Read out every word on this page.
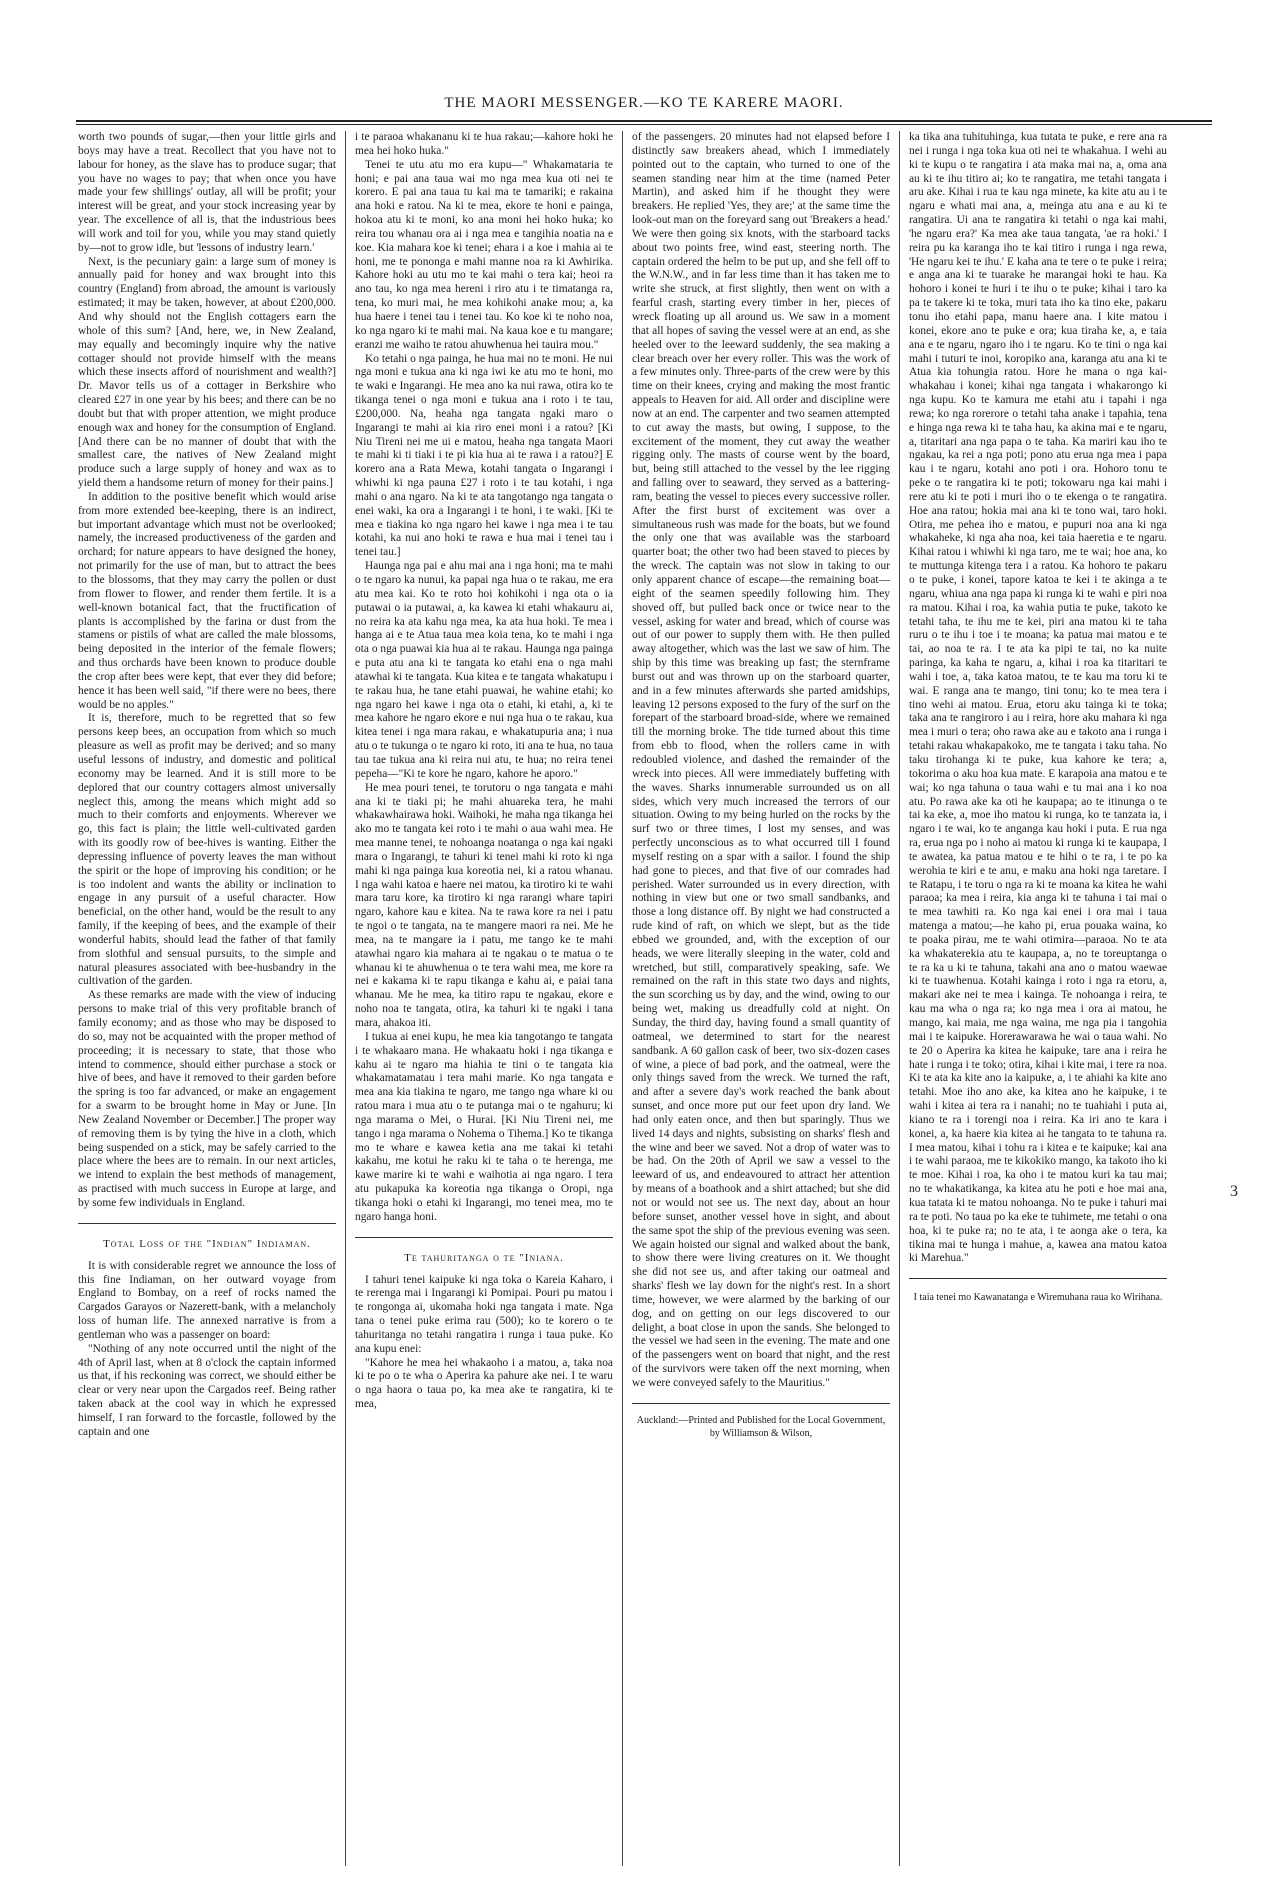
THE MAORI MESSENGER.—KO TE KARERE MAORI.

worth two pounds of sugar,—then your little girls and boys may have a treat. Recollect that you have not to labour for honey, as the slave has to produce sugar; that you have no wages to pay; that when once you have made your few shillings' outlay, all will be profit; your interest will be great, and your stock increasing year by year. The excellence of all is, that the industrious bees will work and toil for you, while you may stand quietly by—not to grow idle, but 'lessons of industry learn.'

Next, is the pecuniary gain: a large sum of money is annually paid for honey and wax brought into this country (England) from abroad, the amount is variously estimated; it may be taken, however, at about £200,000. And why should not the English cottagers earn the whole of this sum? [And, here, we, in New Zealand, may equally and becomingly inquire why the native cottager should not provide himself with the means which these insects afford of nourishment and wealth?] Dr. Mavor tells us of a cottager in Berkshire who cleared £27 in one year by his bees; and there can be no doubt but that with proper attention, we might produce enough wax and honey for the consumption of England. [And there can be no manner of doubt that with the smallest care, the natives of New Zealand might produce such a large supply of honey and wax as to yield them a handsome return of money for their pains.]

In addition to the positive benefit which would arise from more extended bee-keeping, there is an indirect, but important advantage which must not be overlooked; namely, the increased productiveness of the garden and orchard; for nature appears to have designed the honey, not primarily for the use of man, but to attract the bees to the blossoms, that they may carry the pollen or dust from flower to flower, and render them fertile. It is a well-known botanical fact, that the fructification of plants is accomplished by the farina or dust from the stamens or pistils of what are called the male blossoms, being deposited in the interior of the female flowers; and thus orchards have been known to produce double the crop after bees were kept, that ever they did before; hence it has been well said, "if there were no bees, there would be no apples."

It is, therefore, much to be regretted that so few persons keep bees, an occupation from which so much pleasure as well as profit may be derived; and so many useful lessons of industry, and domestic and political economy may be learned. And it is still more to be deplored that our country cottagers almost universally neglect this, among the means which might add so much to their comforts and enjoyments. Wherever we go, this fact is plain; the little well-cultivated garden with its goodly row of bee-hives is wanting. Either the depressing influence of poverty leaves the man without the spirit or the hope of improving his condition; or he is too indolent and wants the ability or inclination to engage in any pursuit of a useful character. How beneficial, on the other hand, would be the result to any family, if the keeping of bees, and the example of their wonderful habits, should lead the father of that family from slothful and sensual pursuits, to the simple and natural pleasures associated with bee-husbandry in the cultivation of the garden.

As these remarks are made with the view of inducing persons to make trial of this very profitable branch of family economy; and as those who may be disposed to do so, may not be acquainted with the proper method of proceeding; it is necessary to state, that those who intend to commence, should either purchase a stock or hive of bees, and have it removed to their garden before the spring is too far advanced, or make an engagement for a swarm to be brought home in May or June. [In New Zealand November or December.] The proper way of removing them is by tying the hive in a cloth, which being suspended on a stick, may be safely carried to the place where the bees are to remain. In our next articles, we intend to explain the best methods of management, as practised with much success in Europe at large, and by some few individuals in England.

Total Loss of the "Indian" Indiaman.

It is with considerable regret we announce the loss of this fine Indiaman, on her outward voyage from England to Bombay, on a reef of rocks named the Cargados Garayos or Nazerett-bank, with a melancholy loss of human life. The annexed narrative is from a gentleman who was a passenger on board:

"Nothing of any note occurred until the night of the 4th of April last, when at 8 o'clock the captain informed us that, if his reckoning was correct, we should either be clear or very near upon the Cargados reef. Being rather taken aback at the cool way in which he expressed himself, I ran forward to the forcastle, followed by the captain and one

i te paraoa whakananu ki te hua rakau;—kahore hoki he mea hei hoko huka."

Tenei te utu atu mo era kupu—" Whakamataria te honi; e pai ana taua wai mo nga mea kua oti nei te korero. E pai ana taua tu kai ma te tamariki; e rakaina ana hoki e ratou. Na ki te mea, ekore te honi e painga, hokoa atu ki te moni, ko ana moni hei hoko huka; ko reira tou whanau ora ai i nga mea e tangihia noatia na e koe. Kia mahara koe ki tenei; ehara i a koe i mahia ai te honi, me te pononga e mahi manne noa ra ki Awhirika. Kahore hoki au utu mo te kai mahi o tera kai; heoi ra ano tau, ko nga mea hereni i riro atu i te timatanga ra, tena, ko muri mai, he mea kohikohi anake mou; a, ka hua haere i tenei tau i tenei tau. Ko koe ki te noho noa, ko nga ngaro ki te mahi mai. Na kaua koe e tu mangare; eranzi me waiho te ratou ahuwhenua hei tauira mou."

Ko tetahi o nga painga, he hua mai no te moni. He nui nga moni e tukua ana ki nga iwi ke atu mo te honi, mo te waki e Ingarangi. He mea ano ka nui rawa, otira ko te tikanga tenei o nga moni e tukua ana i roto i te tau, £200,000. Na, heaha nga tangata ngaki maro o Ingarangi te mahi ai kia riro enei moni i a ratou? [Ki Niu Tireni nei me ui e matou, heaha nga tangata Maori te mahi ki ti tiaki i te pi kia hua ai te rawa i a ratou?] E korero ana a Rata Mewa, kotahi tangata o Ingarangi i whiwhi ki nga pauna £27 i roto i te tau kotahi, i nga mahi o ana ngaro. Na ki te ata tangotango nga tangata o enei waki, ka ora a Ingarangi i te honi, i te waki. [Ki te mea e tiakina ko nga ngaro hei kawe i nga mea i te tau kotahi, ka nui ano hoki te rawa e hua mai i tenei tau i tenei tau.]

Haunga nga pai e ahu mai ana i nga honi; ma te mahi o te ngaro ka nunui, ka papai nga hua o te rakau, me era atu mea kai. Ko te roto hoi kohikohi i nga ota o ia putawai o ia putawai, a, ka kawea ki etahi whakauru ai, no reira ka ata kahu nga mea, ka ata hua hoki. Te mea i hanga ai e te Atua taua mea koia tena, ko te mahi i nga ota o nga puawai kia hua ai te rakau. Haunga nga painga e puta atu ana ki te tangata ko etahi ena o nga mahi atawhai ki te tangata. Kua kitea e te tangata whakatupu i te rakau hua, he tane etahi puawai, he wahine etahi; ko nga ngaro hei kawe i nga ota o etahi, ki etahi, a, ki te mea kahore he ngaro ekore e nui nga hua o te rakau, kua kitea tenei i nga mara rakau, e whakatupuria ana; i nua atu o te tukunga o te ngaro ki roto, iti ana te hua, no taua tau tae tukua ana ki reira nui atu, te hua; no reira tenei pepeha—"Ki te kore he ngaro, kahore he aporo."

He mea pouri tenei, te torutoru o nga tangata e mahi ana ki te tiaki pi; he mahi ahuareka tera, he mahi whakawhairawa hoki. Waihoki, he maha nga tikanga hei ako mo te tangata kei roto i te mahi o aua wahi mea. He mea manne tenei, te nohoanga noatanga o nga kai ngaki mara o Ingarangi, te tahuri ki tenei mahi ki roto ki nga mahi ki nga painga kua koreotia nei, ki a ratou whanau. I nga wahi katoa e haere nei matou, ka tirotiro ki te wahi mara taru kore, ka tirotiro ki nga rarangi whare tapiri ngaro, kahore kau e kitea. Na te rawa kore ra nei i patu te ngoi o te tangata, na te mangere maori ra nei. Me he mea, na te mangare ia i patu, me tango ke te mahi atawhai ngaro kia mahara ai te ngakau o te matua o te whanau ki te ahuwhenua o te tera wahi mea, me kore ra nei e kakama ki te rapu tikanga e kahu ai, e paiai tana whanau. Me he mea, ka titiro rapu te ngakau, ekore e noho noa te tangata, otira, ka tahuri ki te ngaki i tana mara, ahakoa iti.

I tukua ai enei kupu, he mea kia tangotango te tangata i te whakaaro mana. He whakaatu hoki i nga tikanga e kahu ai te ngaro ma hiahia te tini o te tangata kia whakamatamatau i tera mahi marie. Ko nga tangata e mea ana kia tiakina te ngaro, me tango nga whare ki ou ratou mara i mua atu o te putanga mai o te ngahuru; ki nga marama o Mei, o Hurai. [Ki Niu Tireni nei, me tango i nga marama o Nohema o Tihema.] Ko te tikanga mo te whare e kawea ketia ana me takai ki tetahi kakahu, me kotui he raku ki te taha o te herenga, me kawe marire ki te wahi e waihotia ai nga ngaro. I tera atu pukapuka ka koreotia nga tikanga o Oropi, nga tikanga hoki o etahi ki Ingarangi, mo tenei mea, mo te ngaro hanga honi.

Te tahuritanga o te "Iniana.

I tahuri tenei kaipuke ki nga toka o Kareia Kaharo, i te rerenga mai i Ingarangi ki Pomipai. Pouri pu matou i te rongonga ai, ukomaha hoki nga tangata i mate. Nga tana o tenei puke erima rau (500); ko te korero o te tahuritanga no tetahi rangatira i runga i taua puke. Ko ana kupu enei:

"Kahore he mea hei whakaoho i a matou, a, taka noa ki te po o te wha o Aperira ka pahure ake nei. I te waru o nga haora o taua po, ka mea ake te rangatira, ki te mea,

of the passengers. 20 minutes had not elapsed before I distinctly saw breakers ahead, which I immediately pointed out to the captain, who turned to one of the seamen standing near him at the time (named Peter Martin), and asked him if he thought they were breakers. He replied 'Yes, they are;' at the same time the look-out man on the foreyard sang out 'Breakers a head.' We were then going six knots, with the starboard tacks about two points free, wind east, steering north. The captain ordered the helm to be put up, and she fell off to the W.N.W., and in far less time than it has taken me to write she struck, at first slightly, then went on with a fearful crash, starting every timber in her, pieces of wreck floating up all around us. We saw in a moment that all hopes of saving the vessel were at an end, as she heeled over to the leeward suddenly, the sea making a clear breach over her every roller. This was the work of a few minutes only. Three-parts of the crew were by this time on their knees, crying and making the most frantic appeals to Heaven for aid. All order and discipline were now at an end. The carpenter and two seamen attempted to cut away the masts, but owing, I suppose, to the excitement of the moment, they cut away the weather rigging only. The masts of course went by the board, but, being still attached to the vessel by the lee rigging and falling over to seaward, they served as a battering-ram, beating the vessel to pieces every successive roller. After the first burst of excitement was over a simultaneous rush was made for the boats, but we found the only one that was available was the starboard quarter boat; the other two had been staved to pieces by the wreck. The captain was not slow in taking to our only apparent chance of escape—the remaining boat—eight of the seamen speedily following him. They shoved off, but pulled back once or twice near to the vessel, asking for water and bread, which of course was out of our power to supply them with. He then pulled away altogether, which was the last we saw of him. The ship by this time was breaking up fast; the sternframe burst out and was thrown up on the starboard quarter, and in a few minutes afterwards she parted amidships, leaving 12 persons exposed to the fury of the surf on the forepart of the starboard broad-side, where we remained till the morning broke. The tide turned about this time from ebb to flood, when the rollers came in with redoubled violence, and dashed the remainder of the wreck into pieces. All were immediately buffeting with the waves. Sharks innumerable surrounded us on all sides, which very much increased the terrors of our situation. Owing to my being hurled on the rocks by the surf two or three times, I lost my senses, and was perfectly unconscious as to what occurred till I found myself resting on a spar with a sailor. I found the ship had gone to pieces, and that five of our comrades had perished. Water surrounded us in every direction, with nothing in view but one or two small sandbanks, and those a long distance off. By night we had constructed a rude kind of raft, on which we slept, but as the tide ebbed we grounded, and, with the exception of our heads, we were literally sleeping in the water, cold and wretched, but still, comparatively speaking, safe. We remained on the raft in this state two days and nights, the sun scorching us by day, and the wind, owing to our being wet, making us dreadfully cold at night. On Sunday, the third day, having found a small quantity of oatmeal, we determined to start for the nearest sandbank. A 60 gallon cask of beer, two six-dozen cases of wine, a piece of bad pork, and the oatmeal, were the only things saved from the wreck. We turned the raft, and after a severe day's work reached the bank about sunset, and once more put our feet upon dry land. We had only eaten once, and then but sparingly. Thus we lived 14 days and nights, subsisting on sharks' flesh and the wine and beer we saved. Not a drop of water was to be had. On the 20th of April we saw a vessel to the leeward of us, and endeavoured to attract her attention by means of a boathook and a shirt attached; but she did not or would not see us. The next day, about an hour before sunset, another vessel hove in sight, and about the same spot the ship of the previous evening was seen. We again hoisted our signal and walked about the bank, to show there were living creatures on it. We thought she did not see us, and after taking our oatmeal and sharks' flesh we lay down for the night's rest. In a short time, however, we were alarmed by the barking of our dog, and on getting on our legs discovered to our delight, a boat close in upon the sands. She belonged to the vessel we had seen in the evening. The mate and one of the passengers went on board that night, and the rest of the survivors were taken off the next morning, when we were conveyed safely to the Mauritius."

Auckland:—Printed and Published for the Local Government, by Williamson & Wilson,

ka tika ana tuhituhinga, kua tutata te puke, e rere ana ra nei i runga i nga toka kua oti nei te whakahua. I wehi au ki te kupu o te rangatira i ata maka mai na, a, oma ana au ki te ihu titiro ai; ko te rangatira, me tetahi tangata i aru ake. Kihai i rua te kau nga minete, ka kite atu au i te ngaru e whati mai ana, a, meinga atu ana e au ki te rangatira. Ui ana te rangatira ki tetahi o nga kai mahi, 'he ngaru era?' Ka mea ake taua tangata, 'ae ra hoki.' I reira pu ka karanga iho te kai titiro i runga i nga rewa, 'He ngaru kei te ihu.' E kaha ana te tere o te puke i reira; e anga ana ki te tuarake he marangai hoki te hau. Ka hohoro i konei te huri i te ihu o te puke; kihai i taro ka pa te takere ki te toka, muri tata iho ka tino eke, pakaru tonu iho etahi papa, manu haere ana. I kite matou i konei, ekore ano te puke e ora; kua tiraha ke, a, e taia ana e te ngaru, ngaro iho i te ngaru. Ko te tini o nga kai mahi i tuturi te inoi, koropiko ana, karanga atu ana ki te Atua kia tohungia ratou. Hore he mana o nga kai-whakahau i konei; kihai nga tangata i whakarongo ki nga kupu. Ko te kamura me etahi atu i tapahi i nga rewa; ko nga rorerore o tetahi taha anake i tapahia, tena e hinga nga rewa ki te taha hau, ka akina mai e te ngaru, a, titaritari ana nga papa o te taha. Ka mariri kau iho te ngakau, ka rei a nga poti; pono atu erua nga mea i papa kau i te ngaru, kotahi ano poti i ora. Hohoro tonu te peke o te rangatira ki te poti; tokowaru nga kai mahi i rere atu ki te poti i muri iho o te ekenga o te rangatira. Hoe ana ratou; hokia mai ana ki te tono wai, taro hoki. Otira, me pehea iho e matou, e pupuri noa ana ki nga whakaheke, ki nga aha noa, kei taia haeretia e te ngaru. Kihai ratou i whiwhi ki nga taro, me te wai; hoe ana, ko te muttunga kitenga tera i a ratou. Ka hohoro te pakaru o te puke, i konei, tapore katoa te kei i te akinga a te ngaru, whiua ana nga papa ki runga ki te wahi e piri noa ra matou. Kihai i roa, ka wahia putia te puke, takoto ke tetahi taha, te ihu me te kei, piri ana matou ki te taha ruru o te ihu i toe i te moana; ka patua mai matou e te tai, ao noa te ra. I te ata ka pipi te tai, no ka nuite paringa, ka kaha te ngaru, a, kihai i roa ka titaritari te wahi i toe, a, taka katoa matou, te te kau ma toru ki te wai. E ranga ana te mango, tini tonu; ko te mea tera i tino wehi ai matou. Erua, etoru aku tainga ki te toka; taka ana te rangiroro i au i reira, hore aku mahara ki nga mea i muri o tera; oho rawa ake au e takoto ana i runga i tetahi rakau whakapakoko, me te tangata i taku taha. No taku tirohanga ki te puke, kua kahore ke tera; a, tokorima o aku hoa kua mate. E karapoia ana matou e te wai; ko nga tahuna o taua wahi e tu mai ana i ko noa atu. Po rawa ake ka oti he kaupapa; ao te itinunga o te tai ka eke, a, moe iho matou ki runga, ko te tanzata ia, i ngaro i te wai, ko te anganga kau hoki i puta. E rua nga ra, erua nga po i noho ai matou ki runga ki te kaupapa, I te awatea, ka patua matou e te hihi o te ra, i te po ka werohia te kiri e te anu, e maku ana hoki nga taretare. I te Ratapu, i te toru o nga ra ki te moana ka kitea he wahi paraoa; ka mea i reira, kia anga ki te tahuna i tai mai o te mea tawhiti ra. Ko nga kai enei i ora mai i taua matenga a matou;—he kaho pi, erua pouaka waina, ko te poaka pirau, me te wahi otimira—paraoa. No te ata ka whakaterekia atu te kaupapa, a, no te toreuptanga o te ra ka u ki te tahuna, takahi ana ano o matou waewae ki te tuawhenua. Kotahi kainga i roto i nga ra etoru, a, makari ake nei te mea i kainga. Te nohoanga i reira, te kau ma wha o nga ra; ko nga mea i ora ai matou, he mango, kai maia, me nga waina, me nga pia i tangohia mai i te kaipuke. Horerawarawa he wai o taua wahi. No te 20 o Aperira ka kitea he kaipuke, tare ana i reira he hate i runga i te toko; otira, kihai i kite mai, i tere ra noa. Ki te ata ka kite ano ia kaipuke, a, i te ahiahi ka kite ano tetahi. Moe iho ano ake, ka kitea ano he kaipuke, i te wahi i kitea ai tera ra i nanahi; no te tuahiahi i puta ai, kiano te ra i torengi noa i reira. Ka iri ano te kara i konei, a, ka haere kia kitea ai he tangata to te tahuna ra. I mea matou, kihai i tohu ra i kitea e te kaipuke; kai ana i te wahi paraoa, me te kikokiko mango, ka takoto iho ki te moe. Kihai i roa, ka oho i te matou kuri ka tau mai; no te whakatikanga, ka kitea atu he poti e hoe mai ana, kua tatata ki te matou nohoanga. No te puke i tahuri mai ra te poti. No taua po ka eke te tuhimete, me tetahi o ona hoa, ki te puke ra; no te ata, i te aonga ake o tera, ka tikina mai te hunga i mahue, a, kawea ana matou katoa ki Marehua."

I taia tenei mo Kawanatanga e Wiremuhana raua ko Wirihana.
3
